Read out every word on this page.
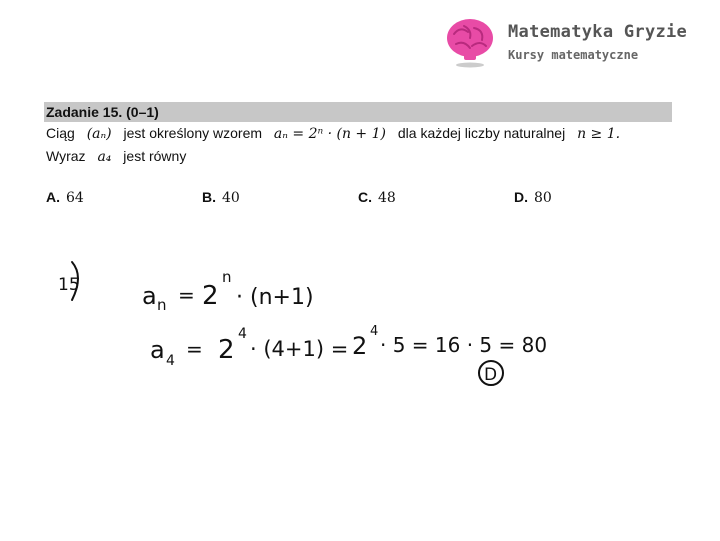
Matematyka Gryzie
Kursy matematyczne
Zadanie 15. (0–1)
Ciąg (aₙ) jest określony wzorem aₙ = 2ⁿ · (n + 1) dla każdej liczby naturalnej n ≥ 1.
Wyraz a₄ jest równy
A. 64	B. 40	C. 48	D. 80
15	a n = 2
n
· (n+1)
a 4 = 2
4
· (4+1) = 2
4
· 5 = 16 · 5 = 80
D
